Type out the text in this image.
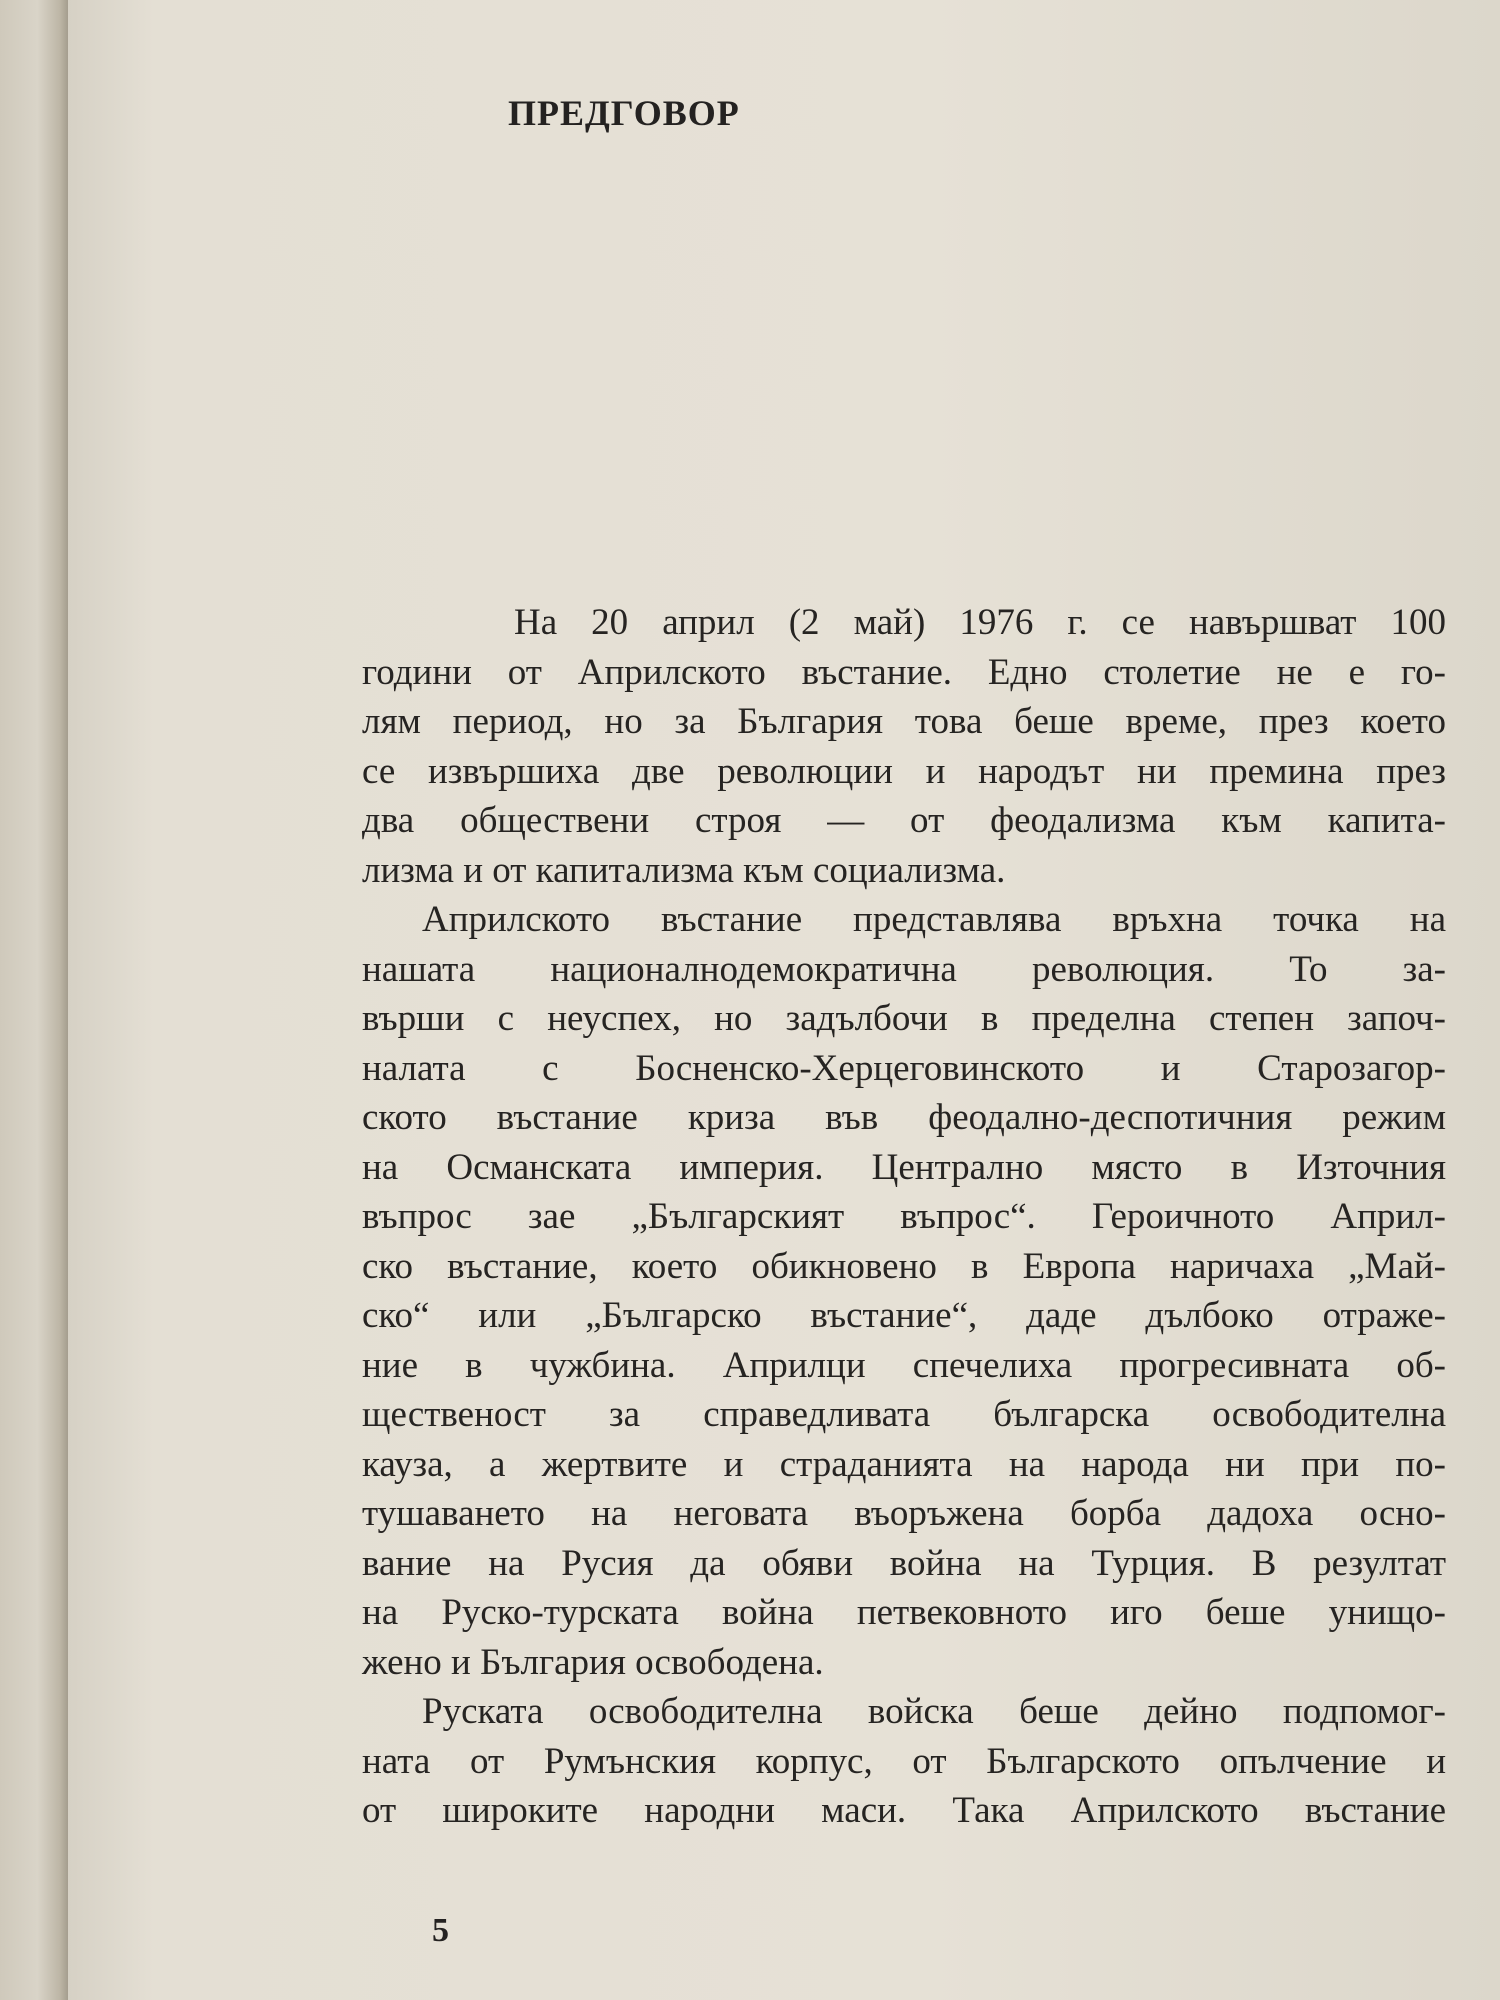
ПРЕДГОВОР
На 20 април (2 май) 1976 г. се навършват 100
години от Априлското въстание. Едно столетие не е го-
лям период, но за България това беше време, през което
се извършиха две революции и народът ни премина през
два обществени строя — от феодализма към капита-
лизма и от капитализма към социализма.
Априлското въстание представлява връхна точка на
нашата националнодемократична революция. То за-
върши с неуспех, но задълбочи в пределна степен започ-
налата с Босненско-Херцеговинското и Старозагор-
ското въстание криза във феодално-деспотичния режим
на Османската империя. Централно място в Източния
въпрос зае „Българският въпрос“. Героичното Април-
ско въстание, което обикновено в Европа наричаха „Май-
ско“ или „Българско въстание“, даде дълбоко отраже-
ние в чужбина. Априлци спечелиха прогресивната об-
щественост за справедливата българска освободителна
кауза, а жертвите и страданията на народа ни при по-
тушаването на неговата въоръжена борба дадоха осно-
вание на Русия да обяви война на Турция. В резултат
на Руско-турската война петвековното иго беше унищо-
жено и България освободена.
Руската освободителна войска беше дейно подпомог-
ната от Румънския корпус, от Българското опълчение и
от широките народни маси. Така Априлското въстание
5
